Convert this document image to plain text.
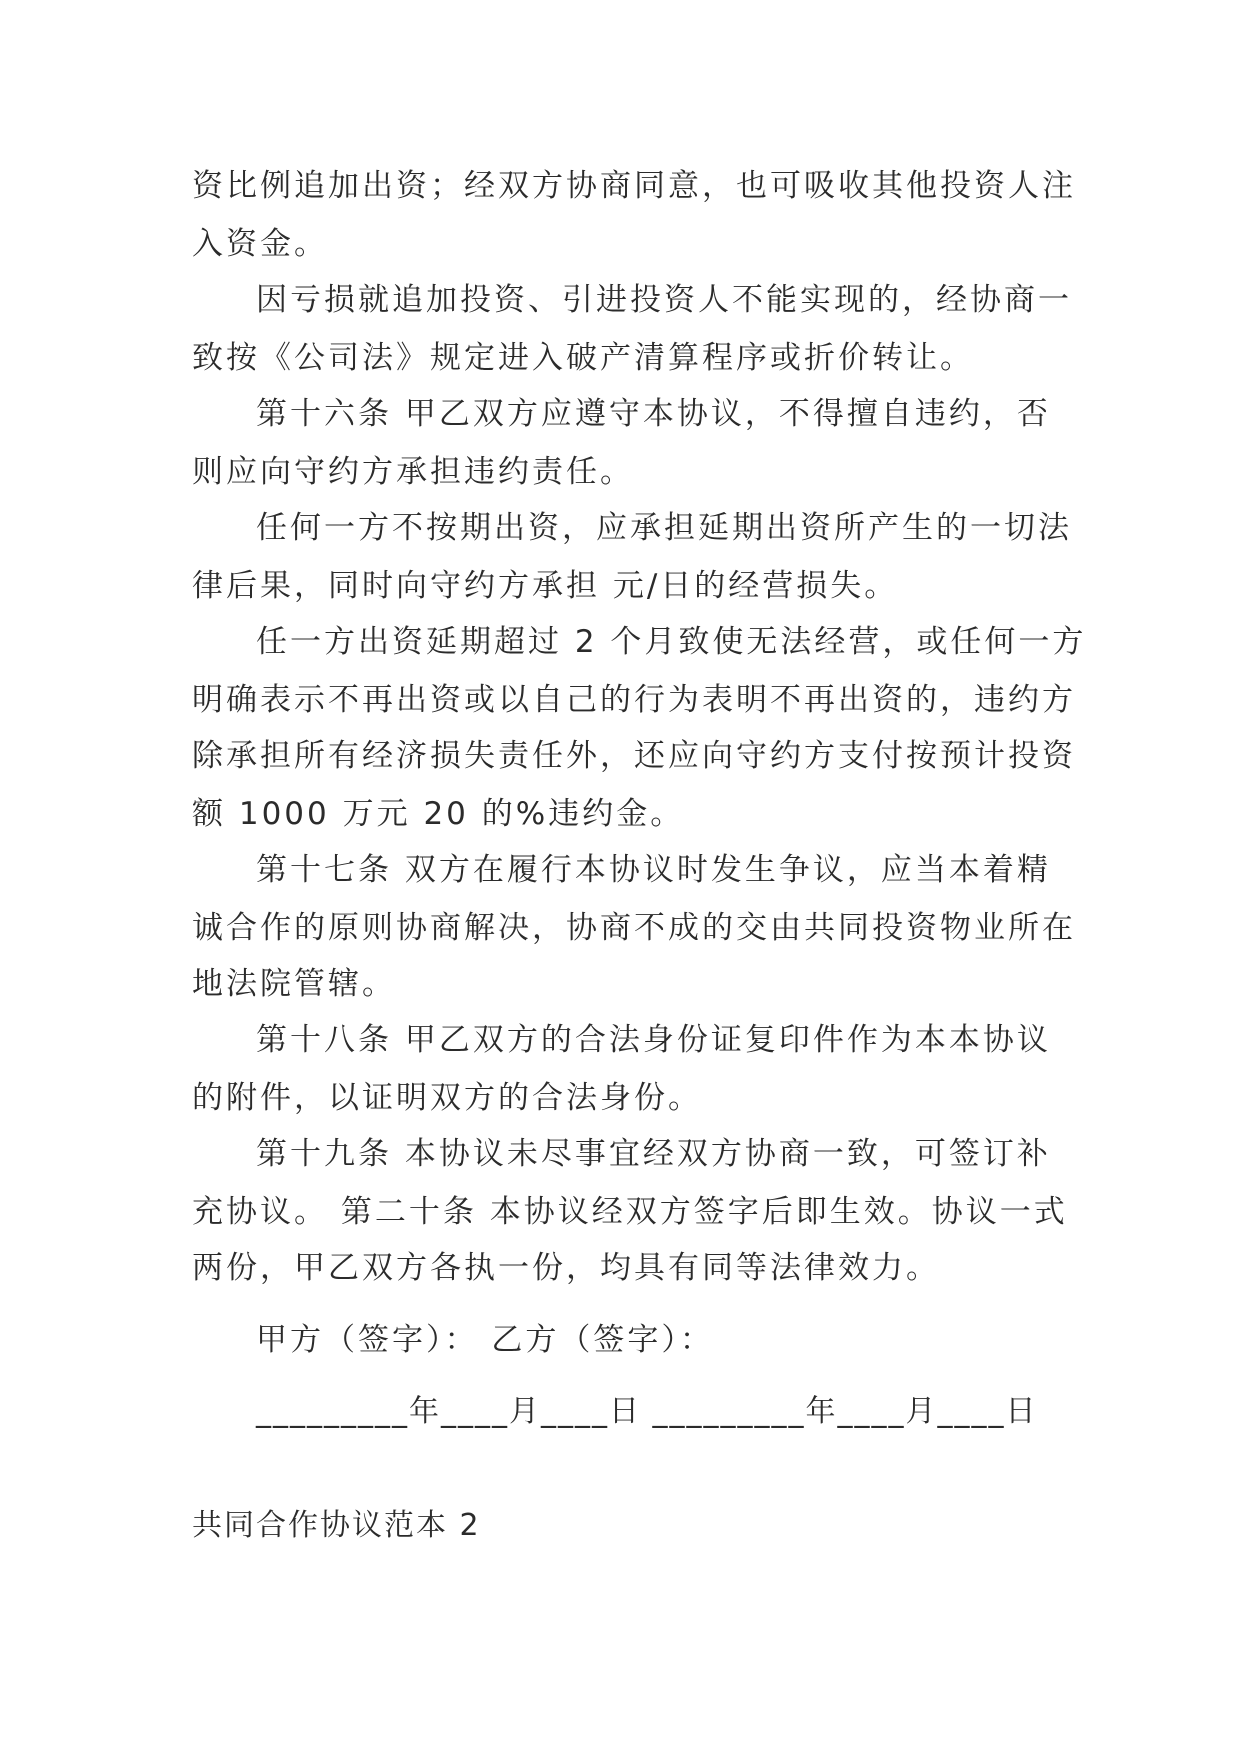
资比例追加出资；经双方协商同意，也可吸收其他投资人注
入资金。
因亏损就追加投资、引进投资人不能实现的，经协商一
致按《公司法》规定进入破产清算程序或折价转让。
第十六条 甲乙双方应遵守本协议，不得擅自违约，否
则应向守约方承担违约责任。
任何一方不按期出资，应承担延期出资所产生的一切法
律后果，同时向守约方承担 元/日的经营损失。
任一方出资延期超过 2 个月致使无法经营，或任何一方
明确表示不再出资或以自己的行为表明不再出资的，违约方
除承担所有经济损失责任外，还应向守约方支付按预计投资
额 1000 万元 20 的%违约金。
第十七条 双方在履行本协议时发生争议，应当本着精
诚合作的原则协商解决，协商不成的交由共同投资物业所在
地法院管辖。
第十八条 甲乙双方的合法身份证复印件作为本本协议
的附件，以证明双方的合法身份。
第十九条 本协议未尽事宜经双方协商一致，可签订补
充协议。 第二十条 本协议经双方签字后即生效。协议一式
两份，甲乙双方各执一份，均具有同等法律效力。
甲方（签字）： 乙方（签字）：
_________年____月____日 _________年____月____日
共同合作协议范本 2
